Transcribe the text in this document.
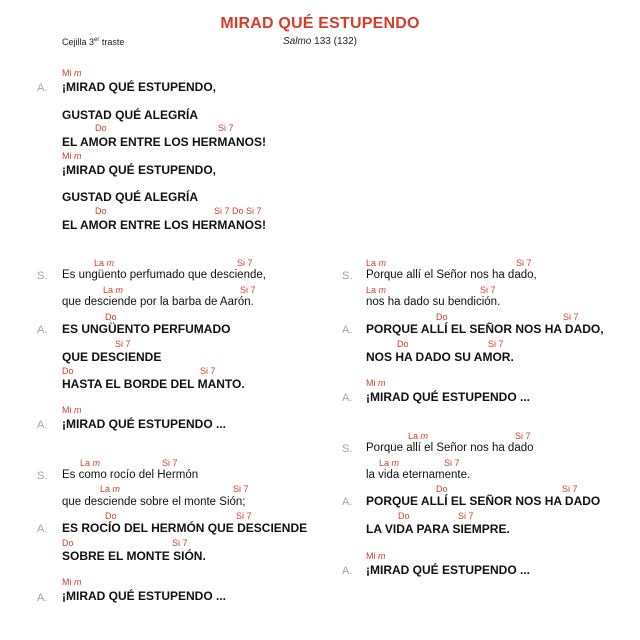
MIRAD QUÉ ESTUPENDO
Cejilla 3er traste	Salmo 133 (132)
Mi m
A. ¡MIRAD QUÉ ESTUPENDO,
GUSTAD QUÉ ALEGRÍA
Do	Si 7
EL AMOR ENTRE LOS HERMANOS!
Mi m
¡MIRAD QUÉ ESTUPENDO,
GUSTAD QUÉ ALEGRÍA
Do	Si 7 Do Si 7
EL AMOR ENTRE LOS HERMANOS!
La m	Si 7
S. Es ungüento perfumado que desciende,
La m	Si 7
que desciende por la barba de Aarón.
Do
A. ES UNGÜENTO PERFUMADO
Si 7
QUE DESCIENDE
Do	Si 7
HASTA EL BORDE DEL MANTO.
Mi m
A. ¡MIRAD QUÉ ESTUPENDO ...
La m	Si 7
S. Es como rocío del Hermón
La m	Si 7
que desciende sobre el monte Sión;
Do	Si 7
A. ES ROCÍO DEL HERMÓN QUE DESCIENDE
Do	Si 7
SOBRE EL MONTE SIÓN.
Mi m
A. ¡MIRAD QUÉ ESTUPENDO ...
La m	Si 7
S. Porque allí el Señor nos ha dado,
La m	Si 7
nos ha dado su bendición.
Do	Si 7
A. PORQUE ALLÍ EL SEÑOR NOS HA DADO,
Do	Si 7
NOS HA DADO SU AMOR.
Mi m
A. ¡MIRAD QUÉ ESTUPENDO ...
La m	Si 7
S. Porque allí el Señor nos ha dado
La m	Si 7
la vida eternamente.
Do	Si 7
A. PORQUE ALLÍ EL SEÑOR NOS HA DADO
Do	Si 7
LA VIDA PARA SIEMPRE.
Mi m
A. ¡MIRAD QUÉ ESTUPENDO ...
